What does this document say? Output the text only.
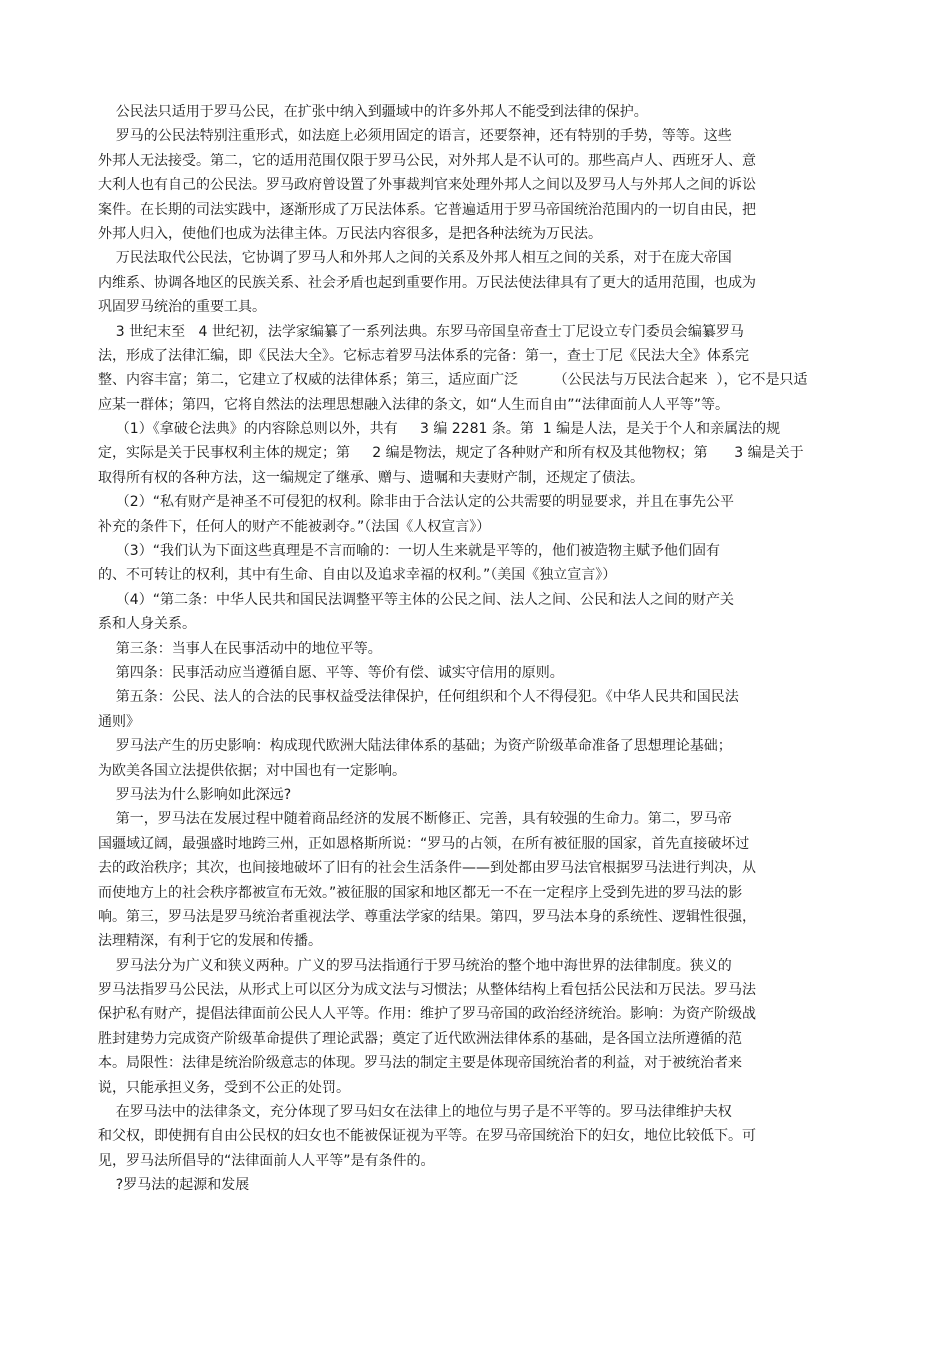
公民法只适用于罗马公民，在扩张中纳入到疆域中的许多外邦人不能受到法律的保护。
罗马的公民法特别注重形式，如法庭上必须用固定的语言，还要祭神，还有特别的手势，等等。这些
外邦人无法接受。第二，它的适用范围仅限于罗马公民，对外邦人是不认可的。那些高卢人、西班牙人、意
大利人也有自己的公民法。罗马政府曾设置了外事裁判官来处理外邦人之间以及罗马人与外邦人之间的诉讼
案件。在长期的司法实践中，逐渐形成了万民法体系。它普遍适用于罗马帝国统治范围内的一切自由民，把
外邦人归入，使他们也成为法律主体。万民法内容很多，是把各种法统为万民法。
万民法取代公民法，它协调了罗马人和外邦人之间的关系及外邦人相互之间的关系，对于在庞大帝国
内维系、协调各地区的民族关系、社会矛盾也起到重要作用。万民法使法律具有了更大的适用范围，也成为
巩固罗马统治的重要工具。
3 世纪末至   4 世纪初，法学家编纂了一系列法典。东罗马帝国皇帝查士丁尼设立专门委员会编纂罗马
法，形成了法律汇编，即《民法大全》。它标志着罗马法体系的完备：第一，查士丁尼《民法大全》体系完
整、内容丰富；第二，它建立了权威的法律体系；第三，适应面广泛        （公民法与万民法合起来  ），它不是只适
应某一群体；第四，它将自然法的法理思想融入法律的条文，如“人生而自由”“法律面前人人平等”等。
（1）《拿破仑法典》的内容除总则以外，共有     3 编 2281 条。第  1 编是人法，是关于个人和亲属法的规
定，实际是关于民事权利主体的规定；第     2 编是物法，规定了各种财产和所有权及其他物权；第      3 编是关于
取得所有权的各种方法，这一编规定了继承、赠与、遗嘱和夫妻财产制，还规定了债法。
（2）“私有财产是神圣不可侵犯的权利。除非由于合法认定的公共需要的明显要求，并且在事先公平
补充的条件下，任何人的财产不能被剥夺。”（法国《人权宣言》）
（3）“我们认为下面这些真理是不言而喻的：一切人生来就是平等的，他们被造物主赋予他们固有
的、不可转让的权利，其中有生命、自由以及追求幸福的权利。”（美国《独立宣言》）
（4）“第二条：中华人民共和国民法调整平等主体的公民之间、法人之间、公民和法人之间的财产关
系和人身关系。
第三条：当事人在民事活动中的地位平等。
第四条：民事活动应当遵循自愿、平等、等价有偿、诚实守信用的原则。
第五条：公民、法人的合法的民事权益受法律保护，任何组织和个人不得侵犯。《中华人民共和国民法
通则》
罗马法产生的历史影响：构成现代欧洲大陆法律体系的基础；为资产阶级革命准备了思想理论基础；
为欧美各国立法提供依据；对中国也有一定影响。
罗马法为什么影响如此深远?
第一，罗马法在发展过程中随着商品经济的发展不断修正、完善，具有较强的生命力。第二，罗马帝
国疆域辽阔，最强盛时地跨三州，正如恩格斯所说：“罗马的占领，在所有被征服的国家，首先直接破坏过
去的政治秩序；其次，也间接地破坏了旧有的社会生活条件——到处都由罗马法官根据罗马法进行判决，从
而使地方上的社会秩序都被宣布无效。”被征服的国家和地区都无一不在一定程序上受到先进的罗马法的影
响。第三，罗马法是罗马统治者重视法学、尊重法学家的结果。第四，罗马法本身的系统性、逻辑性很强，
法理精深，有利于它的发展和传播。
罗马法分为广义和狭义两种。广义的罗马法指通行于罗马统治的整个地中海世界的法律制度。狭义的
罗马法指罗马公民法，从形式上可以区分为成文法与习惯法；从整体结构上看包括公民法和万民法。罗马法
保护私有财产，提倡法律面前公民人人平等。作用：维护了罗马帝国的政治经济统治。影响：为资产阶级战
胜封建势力完成资产阶级革命提供了理论武器；奠定了近代欧洲法律体系的基础，是各国立法所遵循的范
本。局限性：法律是统治阶级意志的体现。罗马法的制定主要是体现帝国统治者的利益，对于被统治者来
说，只能承担义务，受到不公正的处罚。
在罗马法中的法律条文，充分体现了罗马妇女在法律上的地位与男子是不平等的。罗马法律维护夫权
和父权，即使拥有自由公民权的妇女也不能被保证视为平等。在罗马帝国统治下的妇女，地位比较低下。可
见，罗马法所倡导的“法律面前人人平等”是有条件的。
?罗马法的起源和发展
